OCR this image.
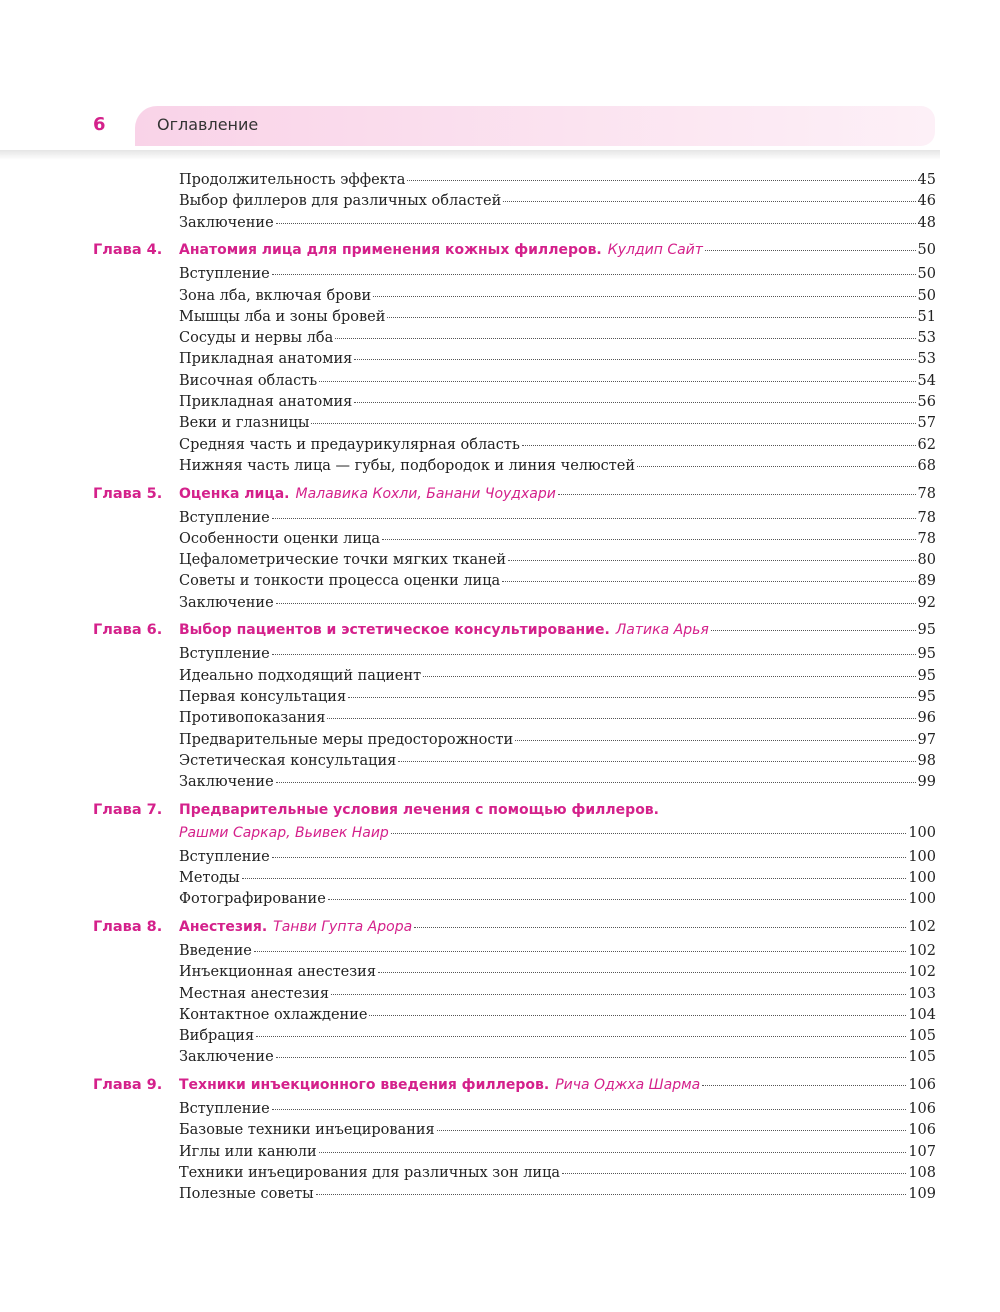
6	Оглавление
Продолжительность эффекта	45
Выбор филлеров для различных областей	46
Заключение	48
Глава 4. Анатомия лица для применения кожных филлеров. Кулдип Сайт	50
Вступление	50
Зона лба, включая брови	50
Мышцы лба и зоны бровей	51
Сосуды и нервы лба	53
Прикладная анатомия	53
Височная область	54
Прикладная анатомия	56
Веки и глазницы	57
Средняя часть и предаурикулярная область	62
Нижняя часть лица — губы, подбородок и линия челюстей	68
Глава 5. Оценка лица. Малавика Кохли, Банани Чоудхари	78
Вступление	78
Особенности оценки лица	78
Цефалометрические точки мягких тканей	80
Советы и тонкости процесса оценки лица	89
Заключение	92
Глава 6. Выбор пациентов и эстетическое консультирование. Латика Арья	95
Вступление	95
Идеально подходящий пациент	95
Первая консультация	95
Противопоказания	96
Предварительные меры предосторожности	97
Эстетическая консультация	98
Заключение	99
Глава 7. Предварительные условия лечения с помощью филлеров.
Рашми Саркар, Вьивек Наир	100
Вступление	100
Методы	100
Фотографирование	100
Глава 8. Анестезия. Танви Гупта Арора	102
Введение	102
Инъекционная анестезия	102
Местная анестезия	103
Контактное охлаждение	104
Вибрация	105
Заключение	105
Глава 9. Техники инъекционного введения филлеров. Рича Оджха Шарма	106
Вступление	106
Базовые техники инъецирования	106
Иглы или канюли	107
Техники инъецирования для различных зон лица	108
Полезные советы	109
